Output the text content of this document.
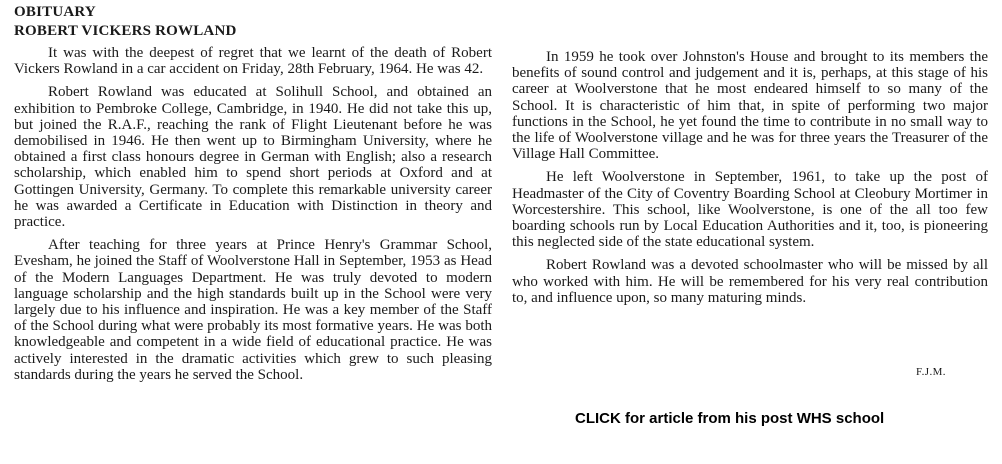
OBITUARY
ROBERT VICKERS ROWLAND

It was with the deepest of regret that we learnt of the death of Robert Vickers Rowland in a car accident on Friday, 28th February, 1964. He was 42.

Robert Rowland was educated at Solihull School, and obtained an exhibition to Pembroke College, Cambridge, in 1940. He did not take this up, but joined the R.A.F., reaching the rank of Flight Lieutenant before he was demobilised in 1946. He then went up to Birmingham University, where he obtained a first class honours degree in German with English; also a research scholarship, which enabled him to spend short periods at Oxford and at Gottingen University, Germany. To complete this remarkable university career he was awarded a Certificate in Education with Distinction in theory and practice.

After teaching for three years at Prince Henry's Grammar School, Evesham, he joined the Staff of Woolverstone Hall in September, 1953 as Head of the Modern Languages Department. He was truly devoted to modern language scholarship and the high standards built up in the School were very largely due to his influence and inspiration. He was a key member of the Staff of the School during what were probably its most formative years. He was both knowledgeable and competent in a wide field of educational practice. He was actively interested in the dramatic activities which grew to such pleasing standards during the years he served the School.

In 1959 he took over Johnston's House and brought to its members the benefits of sound control and judgement and it is, perhaps, at this stage of his career at Woolverstone that he most endeared himself to so many of the School. It is characteristic of him that, in spite of performing two major functions in the School, he yet found the time to contribute in no small way to the life of Woolverstone village and he was for three years the Treasurer of the Village Hall Committee.

He left Woolverstone in September, 1961, to take up the post of Headmaster of the City of Coventry Boarding School at Cleobury Mortimer in Worcestershire. This school, like Woolverstone, is one of the all too few boarding schools run by Local Education Authorities and it, too, is pioneering this neglected side of the state educational system.

Robert Rowland was a devoted schoolmaster who will be missed by all who worked with him. He will be remembered for his very real contribution to, and influence upon, so many maturing minds.

F.J.M.
CLICK for article from his post WHS school
